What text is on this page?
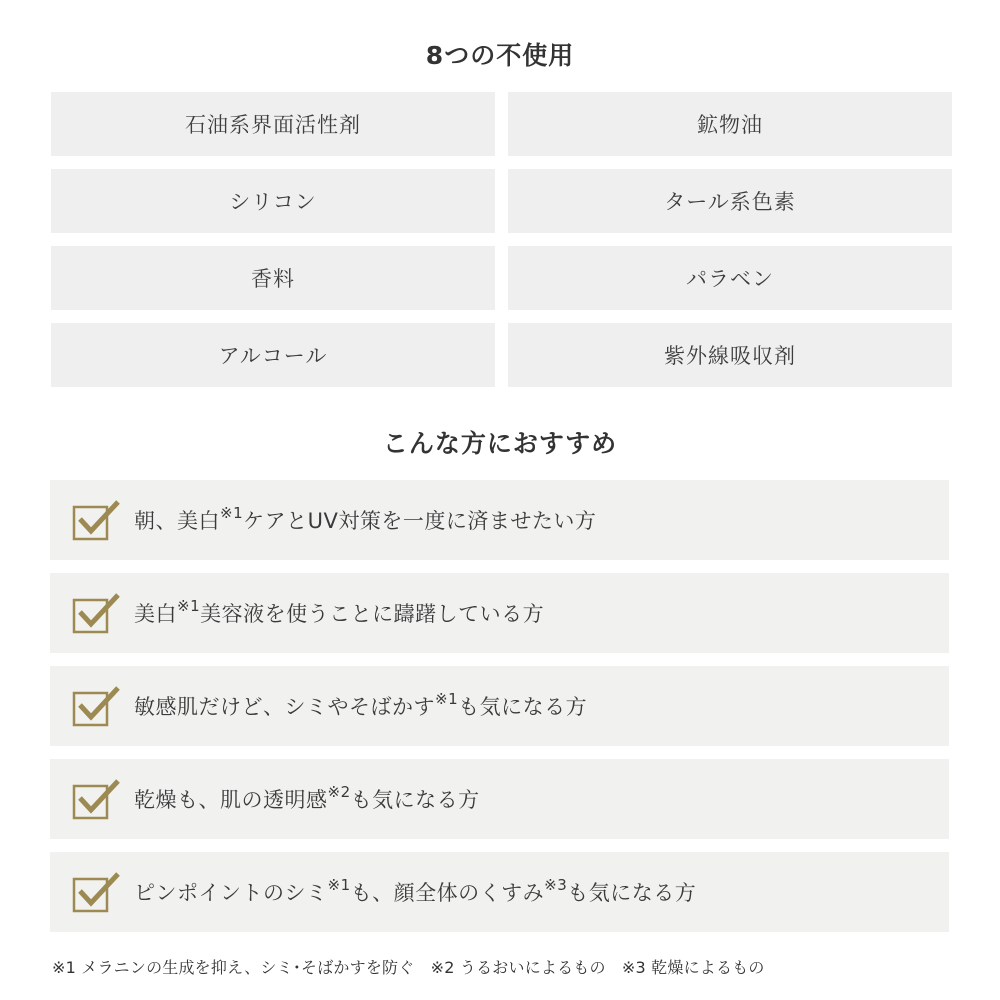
8つの不使用
石油系界面活性剤	鉱物油
シリコン	タール系色素
香料	パラベン
アルコール	紫外線吸収剤
こんな方におすすめ
朝、美白$^{※1}$ケアとUV対策を一度に済ませたい方
美白$^{※1}$美容液を使うことに躊躇している方
敏感肌だけど、シミやそばかす$^{※1}$も気になる方
乾燥も、肌の透明感$^{※2}$も気になる方
ピンポイントのシミ$^{※1}$も、顔全体のくすみ$^{※3}$も気になる方
※1 メラニンの生成を抑え、シミ･そばかすを防ぐ　※2 うるおいによるもの　※3 乾燥によるもの
